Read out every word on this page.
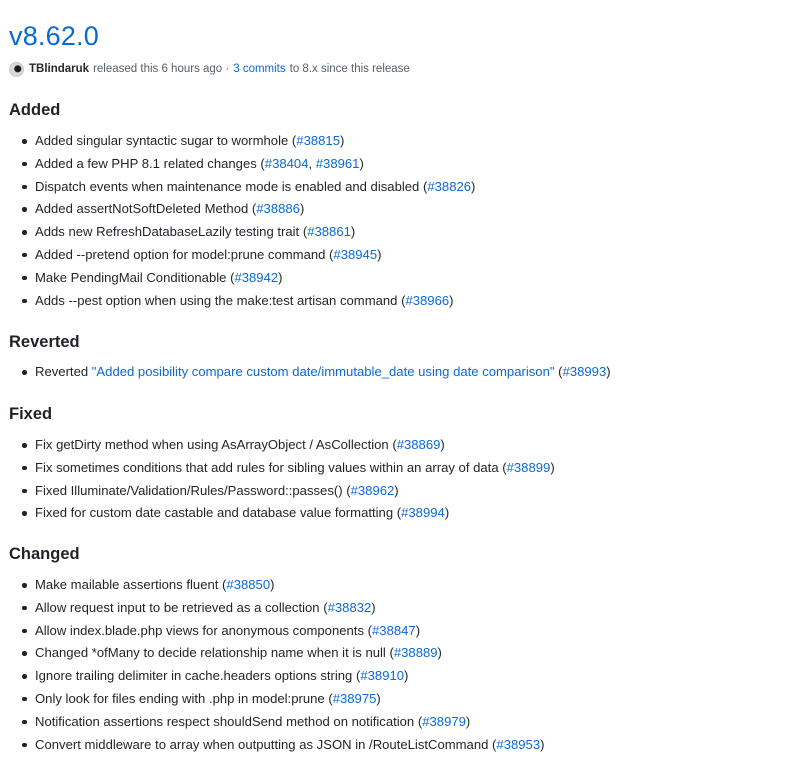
v8.62.0
TBlindaruk released this 6 hours ago · 3 commits to 8.x since this release
Added
Added singular syntactic sugar to wormhole (#38815)
Added a few PHP 8.1 related changes (#38404, #38961)
Dispatch events when maintenance mode is enabled and disabled (#38826)
Added assertNotSoftDeleted Method (#38886)
Adds new RefreshDatabaseLazily testing trait (#38861)
Added --pretend option for model:prune command (#38945)
Make PendingMail Conditionable (#38942)
Adds --pest option when using the make:test artisan command (#38966)
Reverted
Reverted "Added posibility compare custom date/immutable_date using date comparison" (#38993)
Fixed
Fix getDirty method when using AsArrayObject / AsCollection (#38869)
Fix sometimes conditions that add rules for sibling values within an array of data (#38899)
Fixed Illuminate/Validation/Rules/Password::passes() (#38962)
Fixed for custom date castable and database value formatting (#38994)
Changed
Make mailable assertions fluent (#38850)
Allow request input to be retrieved as a collection (#38832)
Allow index.blade.php views for anonymous components (#38847)
Changed *ofMany to decide relationship name when it is null (#38889)
Ignore trailing delimiter in cache.headers options string (#38910)
Only look for files ending with .php in model:prune (#38975)
Notification assertions respect shouldSend method on notification (#38979)
Convert middleware to array when outputting as JSON in /RouteListCommand (#38953)
